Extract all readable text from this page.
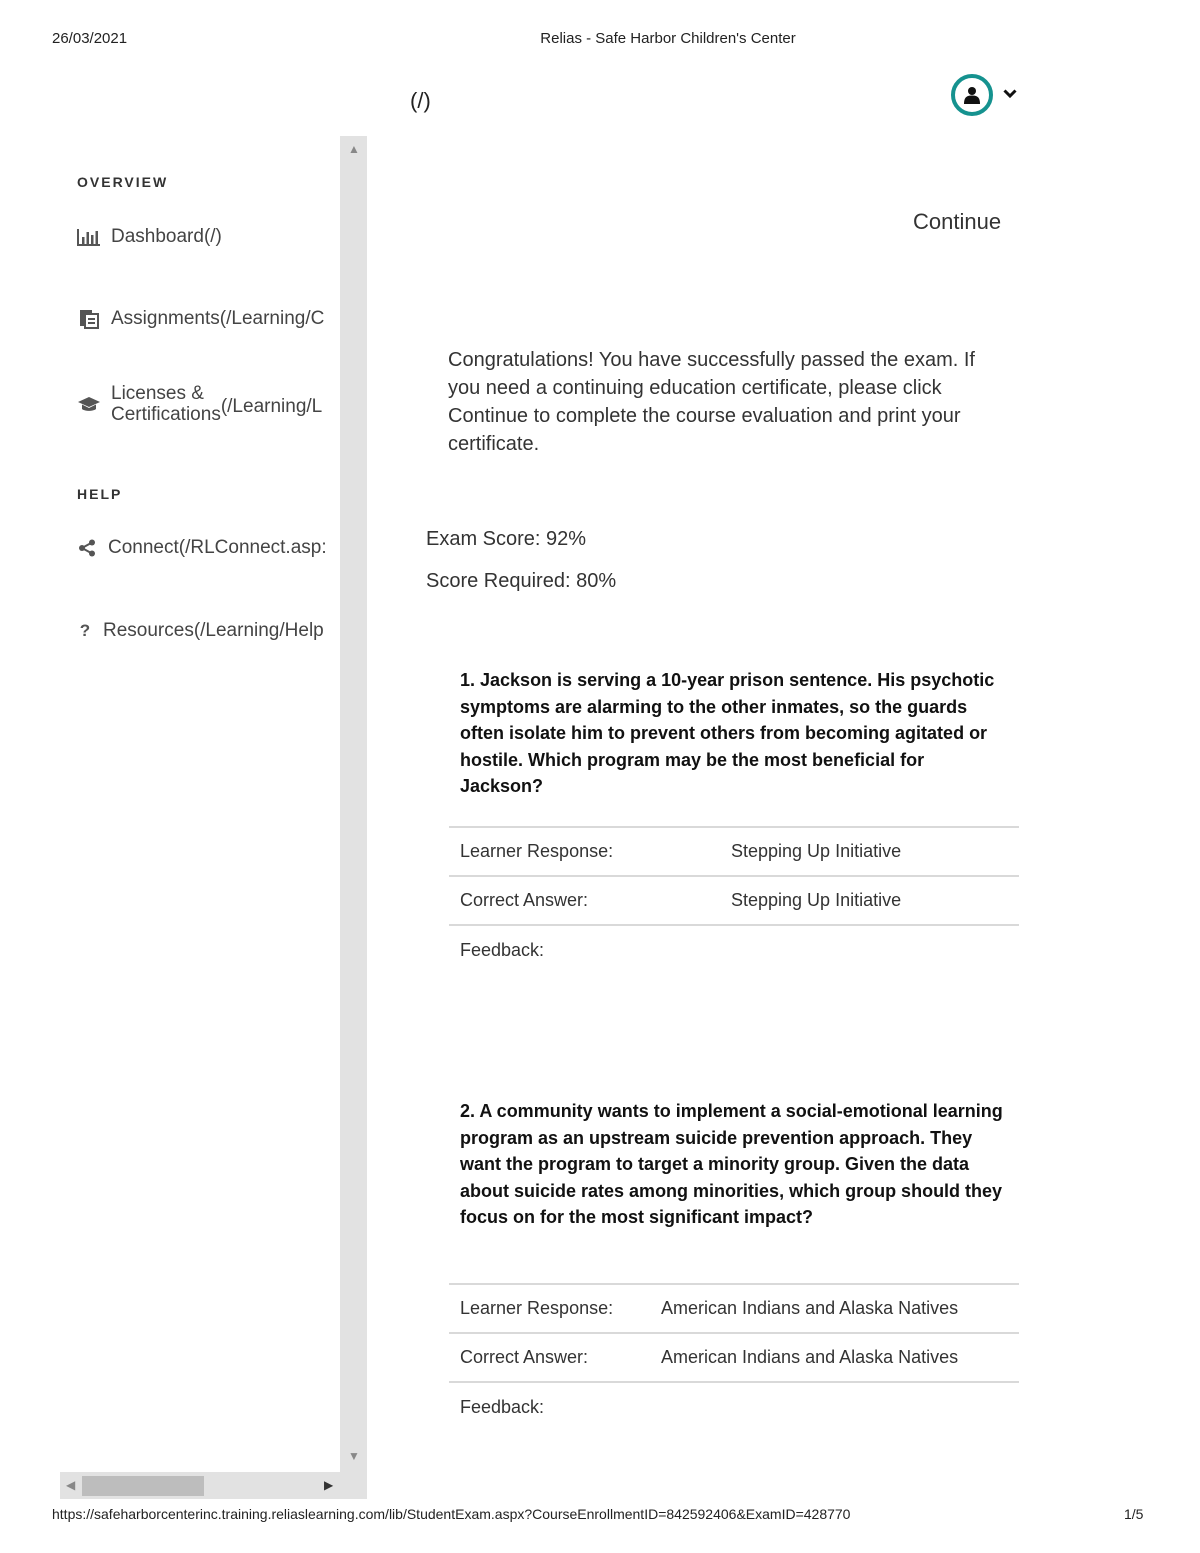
26/03/2021	Relias - Safe Harbor Children's Center
(/)
OVERVIEW
Dashboard(/)
Assignments(/Learning/C
Licenses &
Certifications (/Learning/L
HELP
Connect(/RLConnect.asp:
? Resources(/Learning/Help
▲
▼
◀	▶
Continue
Congratulations! You have successfully passed the exam. If you need a continuing education certificate, please click Continue to complete the course evaluation and print your certificate.
Exam Score: 92%
Score Required: 80%
1. Jackson is serving a 10-year prison sentence. His psychotic symptoms are alarming to the other inmates, so the guards often isolate him to prevent others from becoming agitated or hostile. Which program may be the most beneficial for Jackson?
Learner Response:	Stepping Up Initiative
Correct Answer:	Stepping Up Initiative
Feedback:	
2. A community wants to implement a social-emotional learning program as an upstream suicide prevention approach. They want the program to target a minority group. Given the data about suicide rates among minorities, which group should they focus on for the most significant impact?
Learner Response:	American Indians and Alaska Natives
Correct Answer:	American Indians and Alaska Natives
Feedback:	
https://safeharborcenterinc.training.reliaslearning.com/lib/StudentExam.aspx?CourseEnrollmentID=842592406&ExamID=428770	1/5
